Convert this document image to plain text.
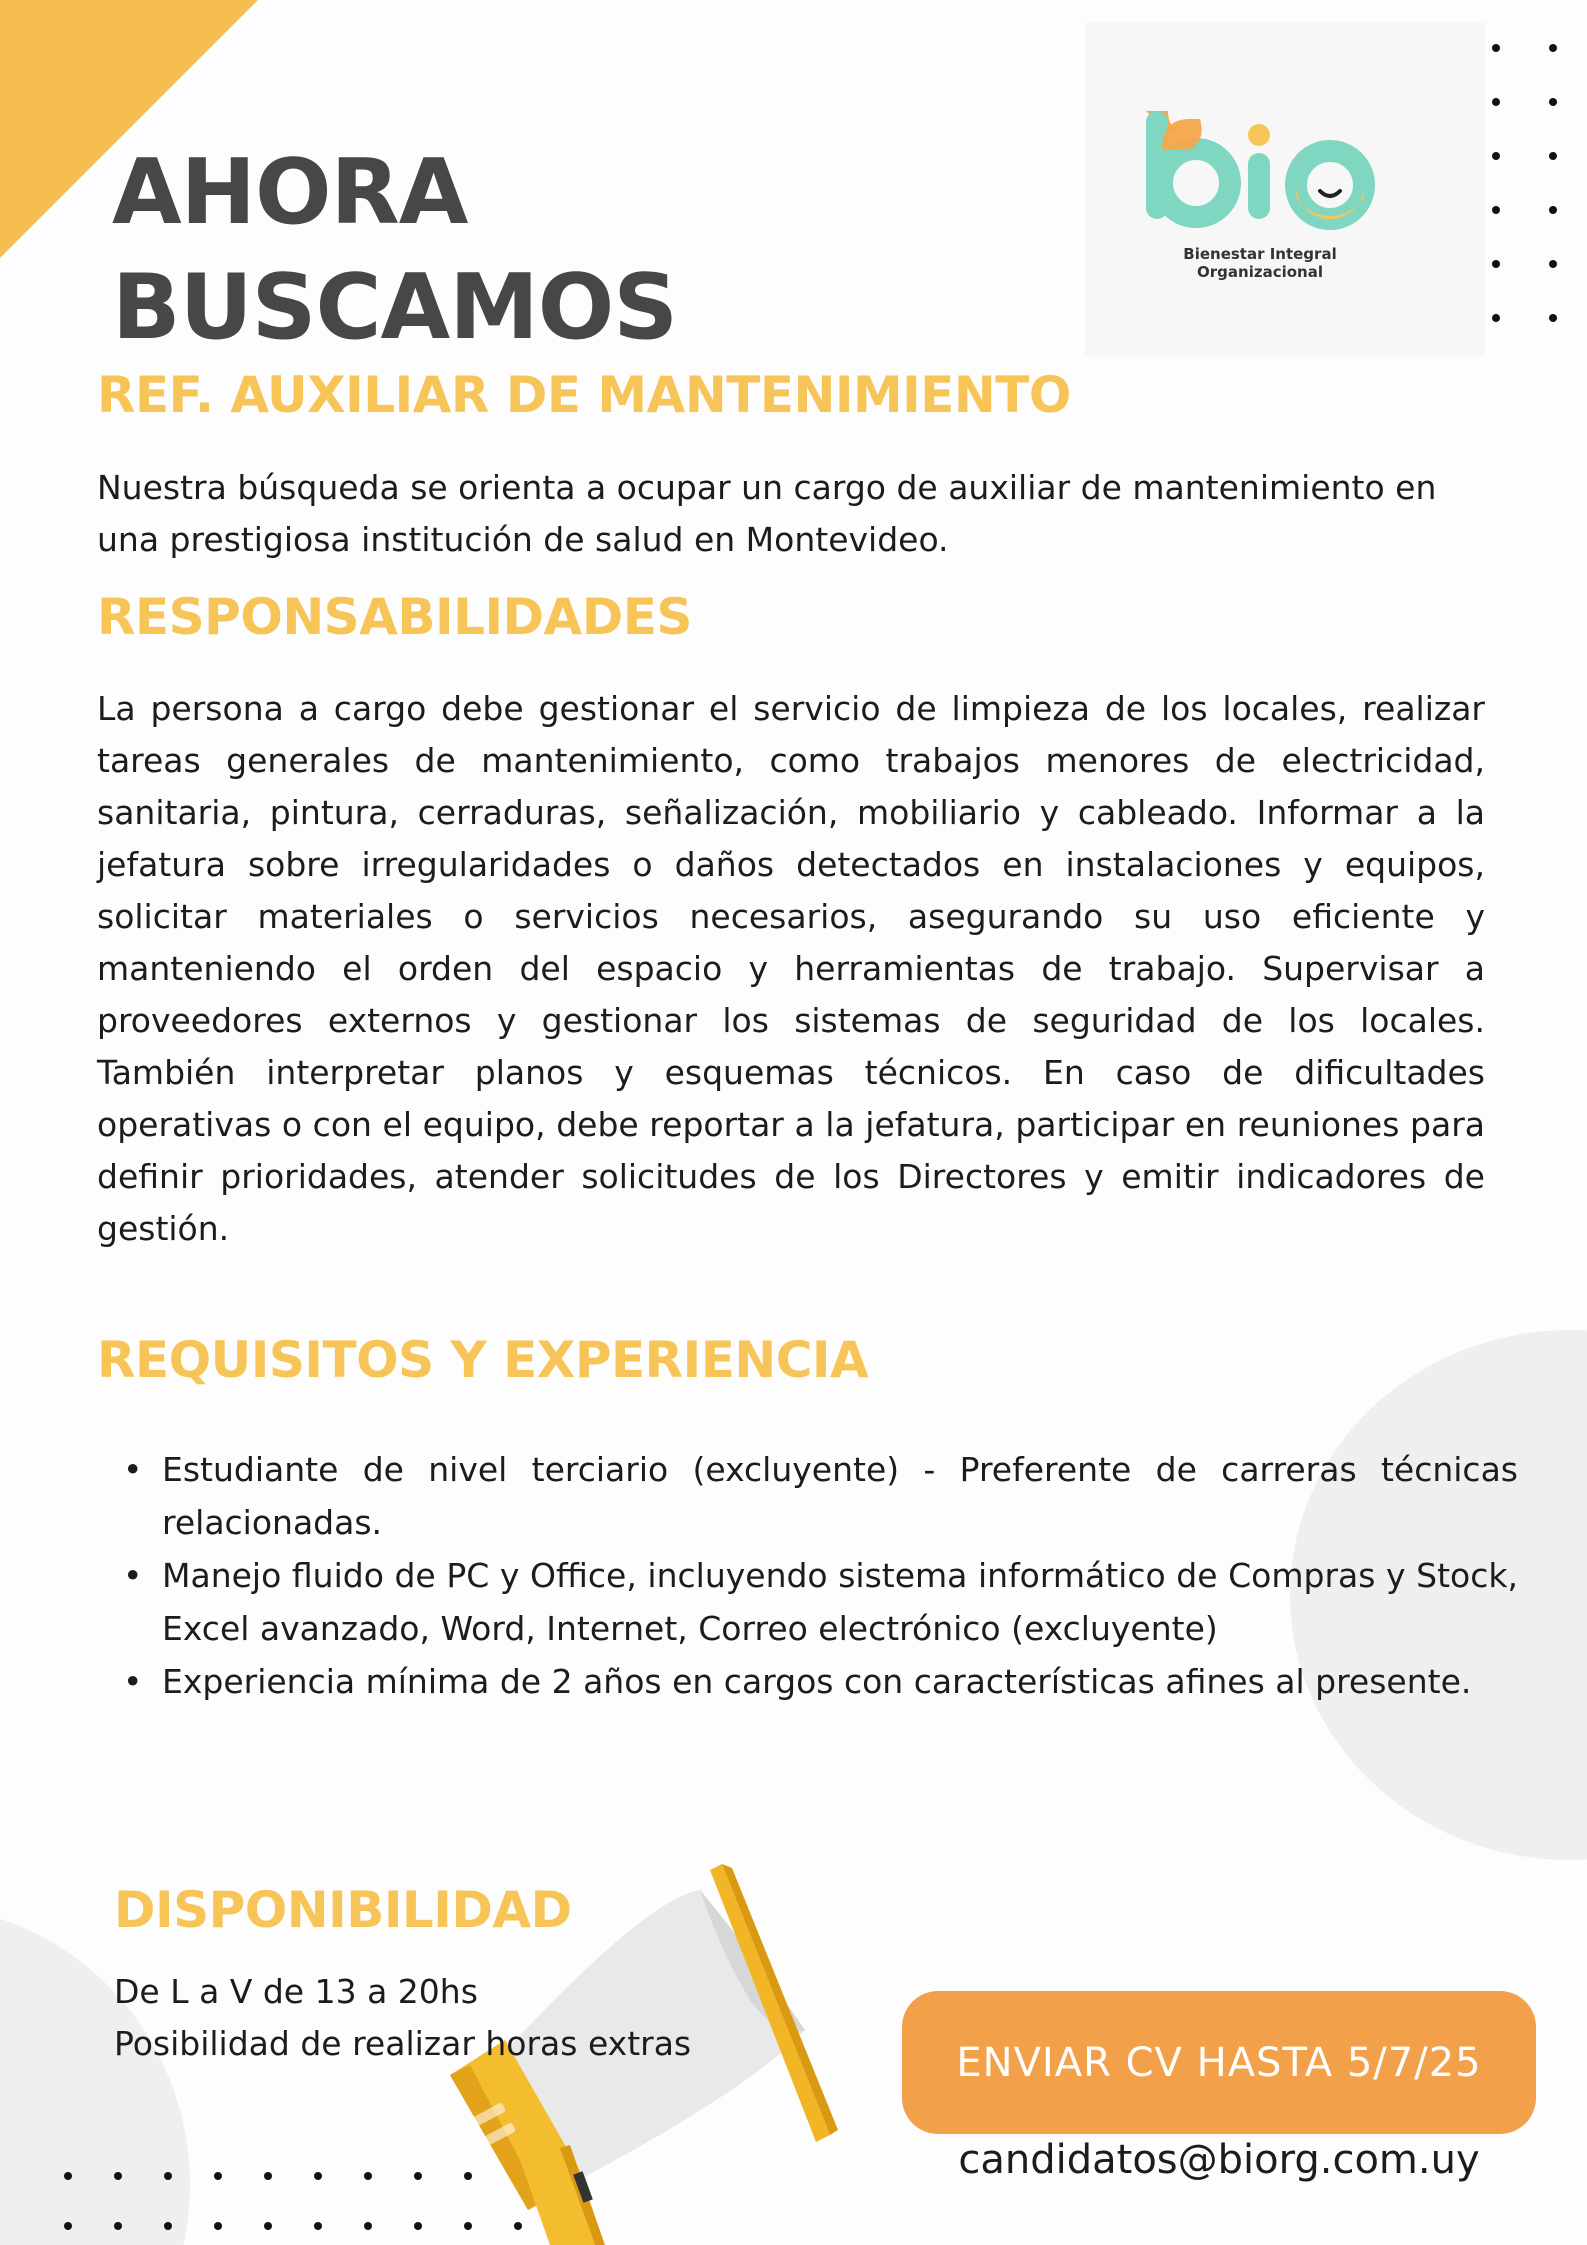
Bienestar Integral
Organizacional
AHORA
BUSCAMOS
REF. AUXILIAR DE MANTENIMIENTO

Nuestra búsqueda se orienta a ocupar un cargo de auxiliar de mantenimiento en una prestigiosa institución de salud en Montevideo.

RESPONSABILIDADES

La persona a cargo debe gestionar el servicio de limpieza de los locales, realizar tareas generales de mantenimiento, como trabajos menores de electricidad, sanitaria, pintura, cerraduras, señalización, mobiliario y cableado. Informar a la jefatura sobre irregularidades o daños detectados en instalaciones y equipos, solicitar materiales o servicios necesarios, asegurando su uso eficiente y manteniendo el orden del espacio y herramientas de trabajo. Supervisar a proveedores externos y gestionar los sistemas de seguridad de los locales. También interpretar planos y esquemas técnicos. En caso de dificultades operativas o con el equipo, debe reportar a la jefatura, participar en reuniones para definir prioridades, atender solicitudes de los Directores y emitir indicadores de gestión.

REQUISITOS Y EXPERIENCIA
• Estudiante de nivel terciario (excluyente) - Preferente de carreras técnicas relacionadas.
• Manejo fluido de PC y Office, incluyendo sistema informático de Compras y Stock, Excel avanzado, Word, Internet, Correo electrónico (excluyente)
• Experiencia mínima de 2 años en cargos con características afines al presente.
DISPONIBILIDAD

De L a V de 13 a 20hs
Posibilidad de realizar horas extras	ENVIAR CV HASTA 5/7/25
candidatos@biorg.com.uy
